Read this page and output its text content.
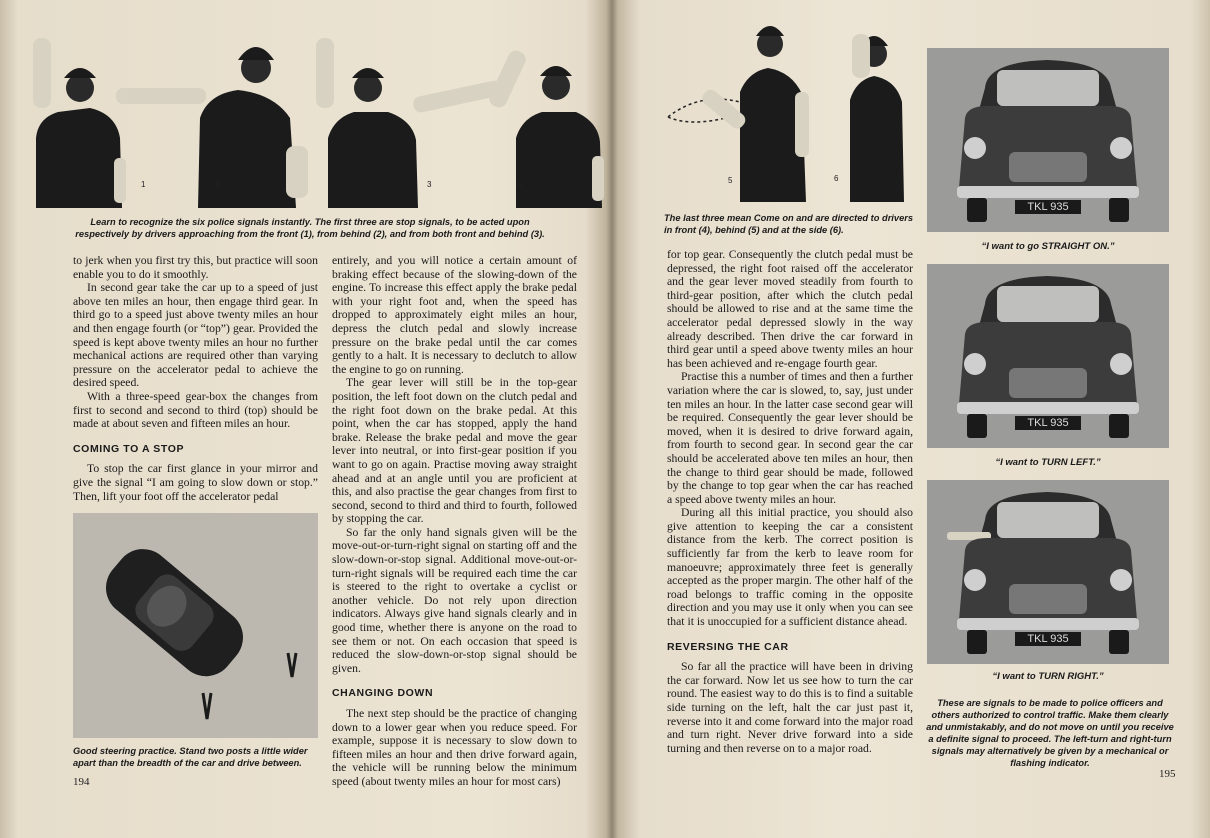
1	2	3	4
Learn to recognize the six police signals instantly. The first three are stop signals, to be acted upon respectively by drivers approaching from the front (1), from behind (2), and from both front and behind (3).

to jerk when you first try this, but practice will soon enable you to do it smoothly.

In second gear take the car up to a speed of just above ten miles an hour, then engage third gear. In third go to a speed just above twenty miles an hour and then engage fourth (or “top”) gear. Provided the speed is kept above twenty miles an hour no further mechanical actions are required other than varying pressure on the accelerator pedal to achieve the desired speed.

With a three-speed gear-box the changes from first to second and second to third (top) should be made at about seven and fifteen miles an hour.

COMING TO A STOP

To stop the car first glance in your mirror and give the signal “I am going to slow down or stop.” Then, lift your foot off the accelerator pedal

Good steering practice. Stand two posts a little wider apart than the breadth of the car and drive between.

entirely, and you will notice a certain amount of braking effect because of the slowing-down of the engine. To increase this effect apply the brake pedal with your right foot and, when the speed has dropped to approximately eight miles an hour, depress the clutch pedal and slowly increase pressure on the brake pedal until the car comes gently to a halt. It is necessary to declutch to allow the engine to go on running.

The gear lever will still be in the top-gear position, the left foot down on the clutch pedal and the right foot down on the brake pedal. At this point, when the car has stopped, apply the hand brake. Release the brake pedal and move the gear lever into neutral, or into first-gear position if you want to go on again. Practise moving away straight ahead and at an angle until you are proficient at this, and also practise the gear changes from first to second, second to third and third to fourth, followed by stopping the car.

So far the only hand signals given will be the move-out-or-turn-right signal on starting off and the slow-down-or-stop signal. Additional move-out-or-turn-right signals will be required each time the car is steered to the right to overtake a cyclist or another vehicle. Do not rely upon direction indicators. Always give hand signals clearly and in good time, whether there is anyone on the road to see them or not. On each occasion that speed is reduced the slow-down-or-stop signal should be given.

CHANGING DOWN

The next step should be the practice of changing down to a lower gear when you reduce speed. For example, suppose it is necessary to slow down to fifteen miles an hour and then drive forward again, the vehicle will be running below the minimum speed (about twenty miles an hour for most cars)

194
5	6
The last three mean Come on and are directed to drivers in front (4), behind (5) and at the side (6).

for top gear. Consequently the clutch pedal must be depressed, the right foot raised off the accelerator and the gear lever moved steadily from fourth to third-gear position, after which the clutch pedal should be allowed to rise and at the same time the accelerator pedal depressed slowly in the way already described. Then drive the car forward in third gear until a speed above twenty miles an hour has been achieved and re-engage fourth gear.

Practise this a number of times and then a further variation where the car is slowed, to, say, just under ten miles an hour. In the latter case second gear will be required. Consequently the gear lever should be moved, when it is desired to drive forward again, from fourth to second gear. In second gear the car should be accelerated above ten miles an hour, then the change to third gear should be made, followed by the change to top gear when the car has reached a speed above twenty miles an hour.

During all this initial practice, you should also give attention to keeping the car a consistent distance from the kerb. The correct position is sufficiently far from the kerb to leave room for manoeuvre; approximately three feet is generally accepted as the proper margin. The other half of the road belongs to traffic coming in the opposite direction and you may use it only when you can see that it is unoccupied for a sufficient distance ahead.

REVERSING THE CAR

So far all the practice will have been in driving the car forward. Now let us see how to turn the car round. The easiest way to do this is to find a suitable side turning on the left, halt the car just past it, reverse into it and come forward into the major road and turn right. Never drive forward into a side turning and then reverse on to a major road.

TKL 935
“I want to go STRAIGHT ON.”
TKL 935
“I want to TURN LEFT.”
TKL 935
“I want to TURN RIGHT.”
These are signals to be made to police officers and others authorized to control traffic. Make them clearly and unmistakably, and do not move on until you receive a definite signal to proceed. The left-turn and right-turn signals may alternatively be given by a mechanical or flashing indicator.
195
